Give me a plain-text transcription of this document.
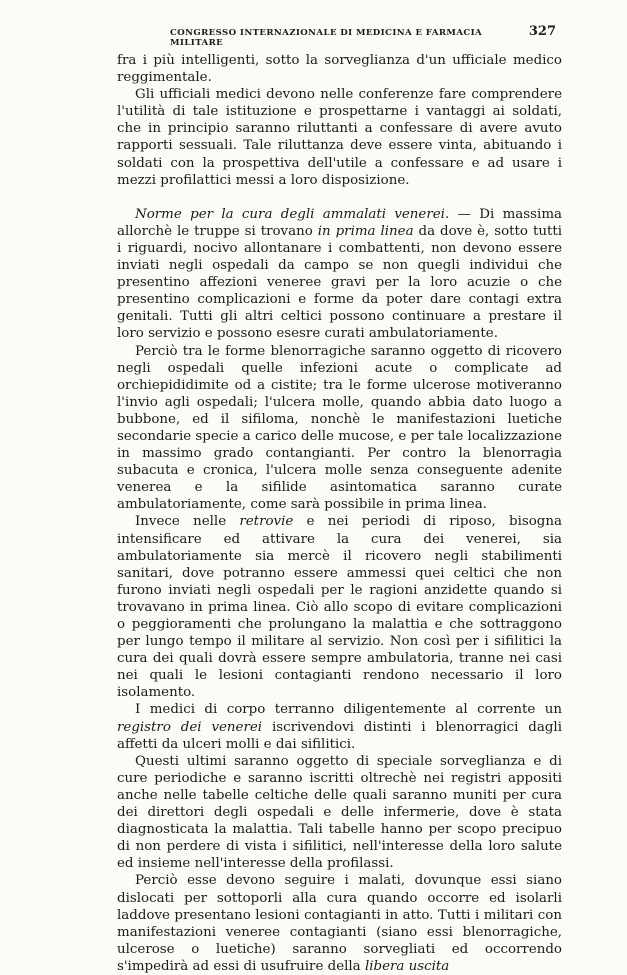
CONGRESSO INTERNAZIONALE DI MEDICINA E FARMACIA MILITARE
327

fra i più intelligenti, sotto la sorveglianza d'un ufficiale medico reggimentale.

Gli ufficiali medici devono nelle conferenze fare comprendere l'utilità di tale istituzione e prospettarne i vantaggi ai soldati, che in principio saranno riluttanti a confessare di avere avuto rapporti sessuali. Tale riluttanza deve essere vinta, abituando i soldati con la prospettiva dell'utile a confessare e ad usare i mezzi profilattici messi a loro disposizione.

Norme per la cura degli ammalati venerei. — Di massima allorchè le truppe si trovano in prima linea da dove è, sotto tutti i riguardi, nocivo allontanare i combattenti, non devono essere inviati negli ospedali da campo se non quegli individui che presentino affezioni veneree gravi per la loro acuzie o che presentino complicazioni e forme da poter dare contagi extra genitali. Tutti gli altri celtici possono continuare a prestare il loro servizio e possono esesre curati ambulatoriamente.

Perciò tra le forme blenorragiche saranno oggetto di ricovero negli ospedali quelle infezioni acute o complicate ad orchiepididimite od a cistite; tra le forme ulcerose motiveranno l'invio agli ospedali; l'ulcera molle, quando abbia dato luogo a bubbone, ed il sifiloma, nonchè le manifestazioni luetiche secondarie specie a carico delle mucose, e per tale localizzazione in massimo grado contangianti. Per contro la blenorragia subacuta e cronica, l'ulcera molle senza conseguente adenite venerea e la sifilide asintomatica saranno curate ambulatoriamente, come sarà possibile in prima linea.

Invece nelle retrovie e nei periodi di riposo, bisogna intensificare ed attivare la cura dei venerei, sia ambulatoriamente sia mercè il ricovero negli stabilimenti sanitari, dove potranno essere ammessi quei celtici che non furono inviati negli ospedali per le ragioni anzidette quando si trovavano in prima linea. Ciò allo scopo di evitare complicazioni o peggioramenti che prolungano la malattia e che sottraggono per lungo tempo il militare al servizio. Non così per i sifilitici la cura dei quali dovrà essere sempre ambulatoria, tranne nei casi nei quali le lesioni contagianti rendono necessario il loro isolamento.

I medici di corpo terranno diligentemente al corrente un registro dei venerei iscrivendovi distinti i blenorragici dagli affetti da ulceri molli e dai sifilitici.

Questi ultimi saranno oggetto di speciale sorveglianza e di cure periodiche e saranno iscritti oltrechè nei registri appositi anche nelle tabelle celtiche delle quali saranno muniti per cura dei direttori degli ospedali e delle infermerie, dove è stata diagnosticata la malattia. Tali tabelle hanno per scopo precipuo di non perdere di vista i sifilitici, nell'interesse della loro salute ed insieme nell'interesse della profilassi.

Perciò esse devono seguire i malati, dovunque essi siano dislocati per sottoporli alla cura quando occorre ed isolarli laddove presentano lesioni contagianti in atto. Tutti i militari con manifestazioni veneree contagianti (siano essi blenorragiche, ulcerose o luetiche) saranno sorvegliati ed occorrendo s'impedirà ad essi di usufruire della libera uscita
